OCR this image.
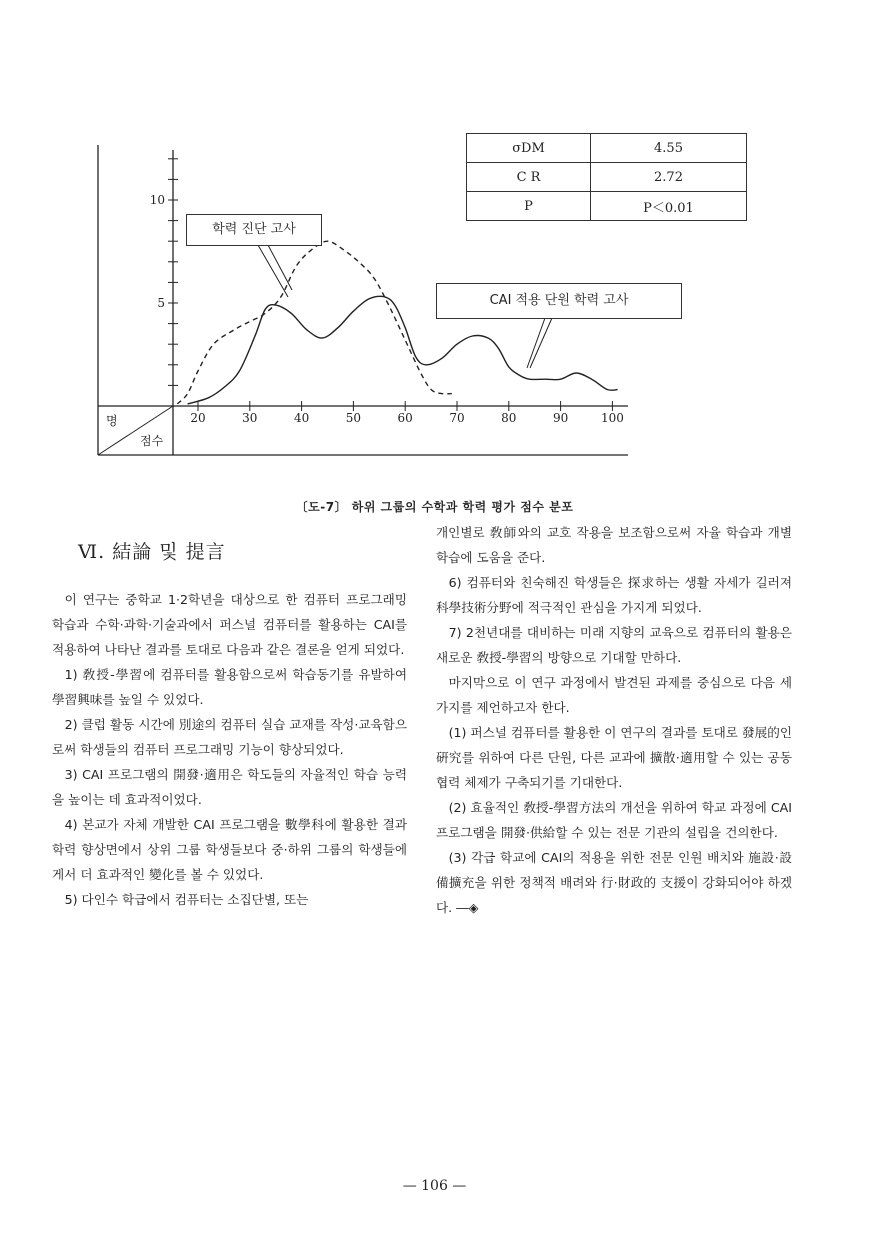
명
점수
5
10
20	30	40	50	60	70	80	90	100
학력 진단 고사
CAI 적용 단원 학력 고사
σDM	4.55
C R	2.72
P	P＜0.01
〔도-7〕 하위 그룹의 수학과 학력 평가 점수 분포
Ⅵ. 結論 및 提言

이 연구는 중학교 1·2학년을 대상으로 한 컴퓨터 프로그래밍 학습과 수학·과학·기술과에서 퍼스널 컴퓨터를 활용하는 CAI를 적용하여 나타난 결과를 토대로 다음과 같은 결론을 얻게 되었다.

1) 敎授-學習에 컴퓨터를 활용함으로써 학습동기를 유발하여 學習興味를 높일 수 있었다.

2) 클럽 활동 시간에 別途의 컴퓨터 실습 교재를 작성·교육함으로써 학생들의 컴퓨터 프로그래밍 기능이 향상되었다.

3) CAI 프로그램의 開發·適用은 학도들의 자율적인 학습 능력을 높이는 데 효과적이었다.

4) 본교가 자체 개발한 CAI 프로그램을 數學科에 활용한 결과 학력 향상면에서 상위 그룹 학생들보다 중·하위 그룹의 학생들에게서 더 효과적인 變化를 볼 수 있었다.

5) 다인수 학급에서 컴퓨터는 소집단별, 또는

개인별로 敎師와의 교호 작용을 보조함으로써 자율 학습과 개별 학습에 도움을 준다.

6) 컴퓨터와 친숙해진 학생들은 探求하는 생활 자세가 길러져 科學技術分野에 적극적인 관심을 가지게 되었다.

7) 2천년대를 대비하는 미래 지향의 교육으로 컴퓨터의 활용은 새로운 敎授-學習의 방향으로 기대할 만하다.

마지막으로 이 연구 과정에서 발견된 과제를 중심으로 다음 세 가지를 제언하고자 한다.

(1) 퍼스널 컴퓨터를 활용한 이 연구의 결과를 토대로 發展的인 硏究를 위하여 다른 단원, 다른 교과에 擴散·適用할 수 있는 공동 협력 체제가 구축되기를 기대한다.

(2) 효율적인 敎授-學習方法의 개선을 위하여 학교 과정에 CAI 프로그램을 開發·供給할 수 있는 전문 기관의 설립을 건의한다.

(3) 각급 학교에 CAI의 적용을 위한 전문 인원 배치와 施設·設備擴充을 위한 정책적 배려와 行·財政的 支援이 강화되어야 하겠다. ―◈

— 106 —
